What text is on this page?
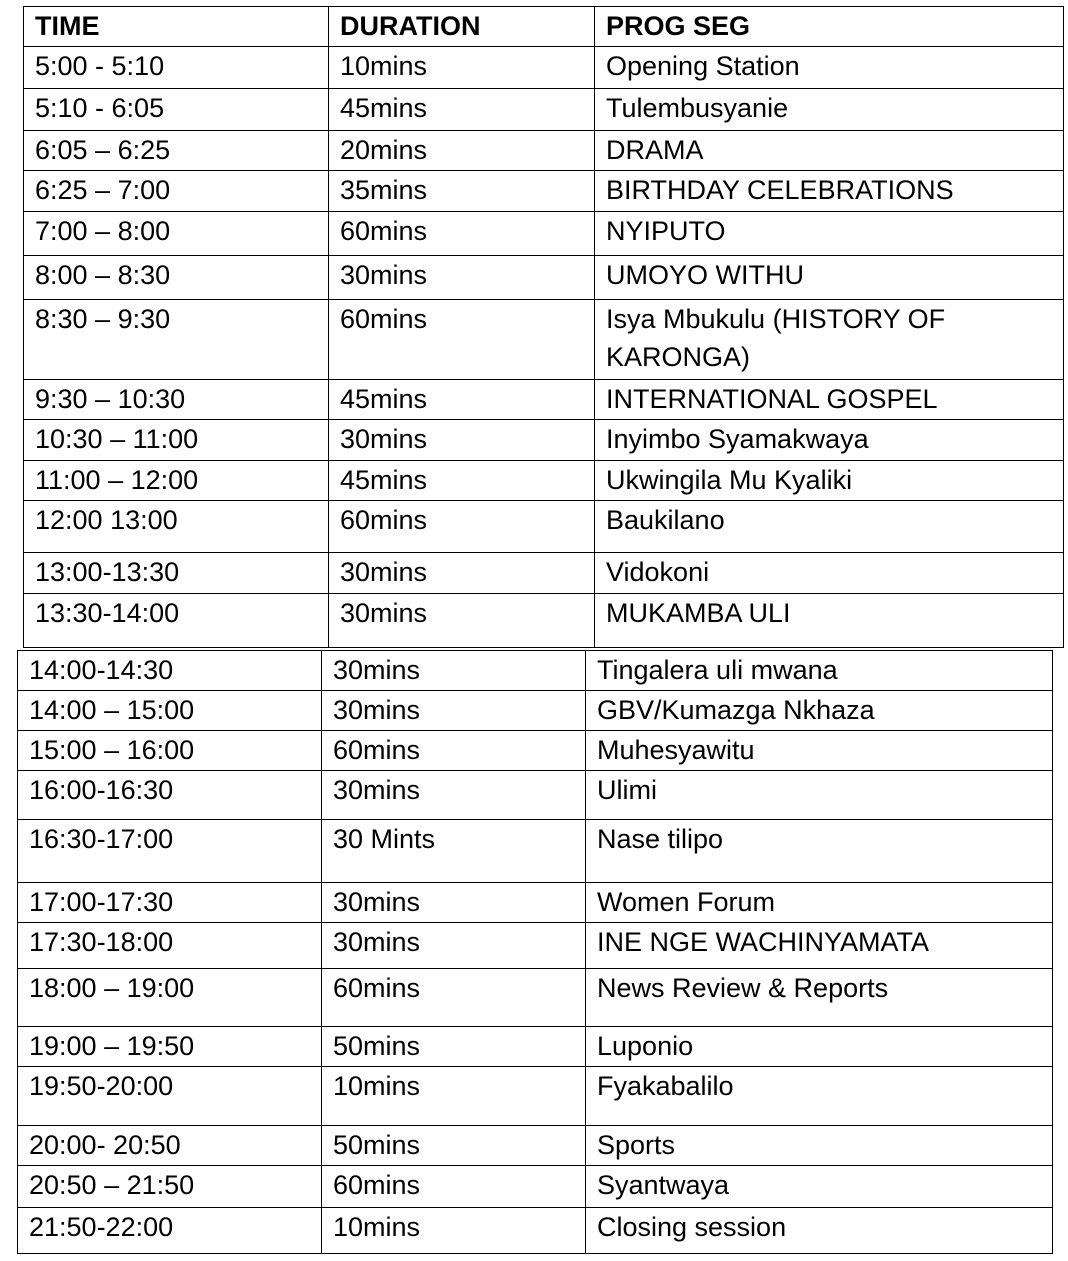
TIME	DURATION	PROG SEG
5:00 - 5:10	10mins	Opening Station
5:10 - 6:05	45mins	Tulembusyanie
6:05 – 6:25	20mins	DRAMA
6:25 – 7:00	35mins	BIRTHDAY CELEBRATIONS
7:00 – 8:00	60mins	NYIPUTO
8:00 – 8:30	30mins	UMOYO WITHU
8:30 – 9:30	60mins	Isya Mbukulu (HISTORY OF KARONGA)
9:30 – 10:30	45mins	INTERNATIONAL GOSPEL
10:30 – 11:00	30mins	Inyimbo Syamakwaya
11:00 – 12:00	45mins	Ukwingila Mu Kyaliki
12:00 13:00	60mins	Baukilano
13:00-13:30	30mins	Vidokoni
13:30-14:00	30mins	MUKAMBA ULI
14:00-14:30	30mins	Tingalera uli mwana
14:00 – 15:00	30mins	GBV/Kumazga Nkhaza
15:00 – 16:00	60mins	Muhesyawitu
16:00-16:30	30mins	Ulimi
16:30-17:00	30 Mints	Nase tilipo
17:00-17:30	30mins	Women Forum
17:30-18:00	30mins	INE NGE WACHINYAMATA
18:00 – 19:00	60mins	News Review & Reports
19:00 – 19:50	50mins	Luponio
19:50-20:00	10mins	Fyakabalilo
20:00- 20:50	50mins	Sports
20:50 – 21:50	60mins	Syantwaya
21:50-22:00	10mins	Closing session
